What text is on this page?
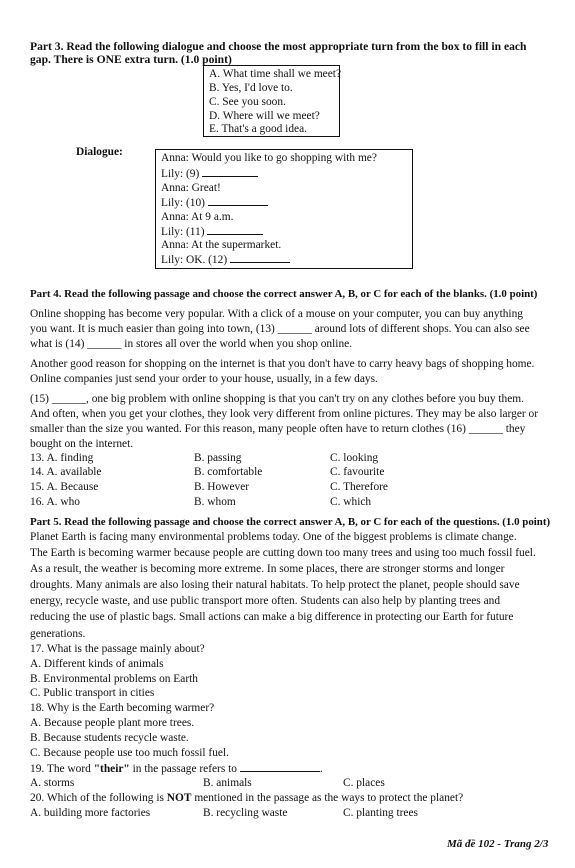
Part 3. Read the following dialogue and choose the most appropriate turn from the box to fill in each
gap. There is ONE extra turn. (1.0 point)
A. What time shall we meet?
B. Yes, I'd love to.
C. See you soon.
D. Where will we meet?
E. That's a good idea.
Dialogue:	Anna: Would you like to go shopping with me?
Lily: (9)
Anna: Great!
Lily: (10)
Anna: At 9 a.m.
Lily: (11)
Anna: At the supermarket.
Lily: OK. (12)
Part 4. Read the following passage and choose the correct answer A, B, or C for each of the blanks. (1.0 point)
Online shopping has become very popular. With a click of a mouse on your computer, you can buy anything
you want. It is much easier than going into town, (13) ______ around lots of different shops. You can also see
what is (14) ______ in stores all over the world when you shop online.
Another good reason for shopping on the internet is that you don't have to carry heavy bags of shopping home.
Online companies just send your order to your house, usually, in a few days.
(15) ______, one big problem with online shopping is that you can't try on any clothes before you buy them.
And often, when you get your clothes, they look very different from online pictures. They may be also larger or
smaller than the size you wanted. For this reason, many people often have to return clothes (16) ______ they
bought on the internet.
13. A. finding	B. passing	C. looking
14. A. available	B. comfortable	C. favourite
15. A. Because	B. However	C. Therefore
16. A. who	B. whom	C. which
Part 5. Read the following passage and choose the correct answer A, B, or C for each of the questions. (1.0 point)
Planet Earth is facing many environmental problems today. One of the biggest problems is climate change.
The Earth is becoming warmer because people are cutting down too many trees and using too much fossil fuel.
As a result, the weather is becoming more extreme. In some places, there are stronger storms and longer
droughts. Many animals are also losing their natural habitats. To help protect the planet, people should save
energy, recycle waste, and use public transport more often. Students can also help by planting trees and
reducing the use of plastic bags. Small actions can make a big difference in protecting our Earth for future
generations.
17. What is the passage mainly about?
A. Different kinds of animals
B. Environmental problems on Earth
C. Public transport in cities
18. Why is the Earth becoming warmer?
A. Because people plant more trees.
B. Because students recycle waste.
C. Because people use too much fossil fuel.
19. The word "their" in the passage refers to	.
A. storms	B. animals	C. places
20. Which of the following is NOT mentioned in the passage as the ways to protect the planet?
A. building more factories	B. recycling waste	C. planting trees
Mã đề 102 - Trang 2/3
